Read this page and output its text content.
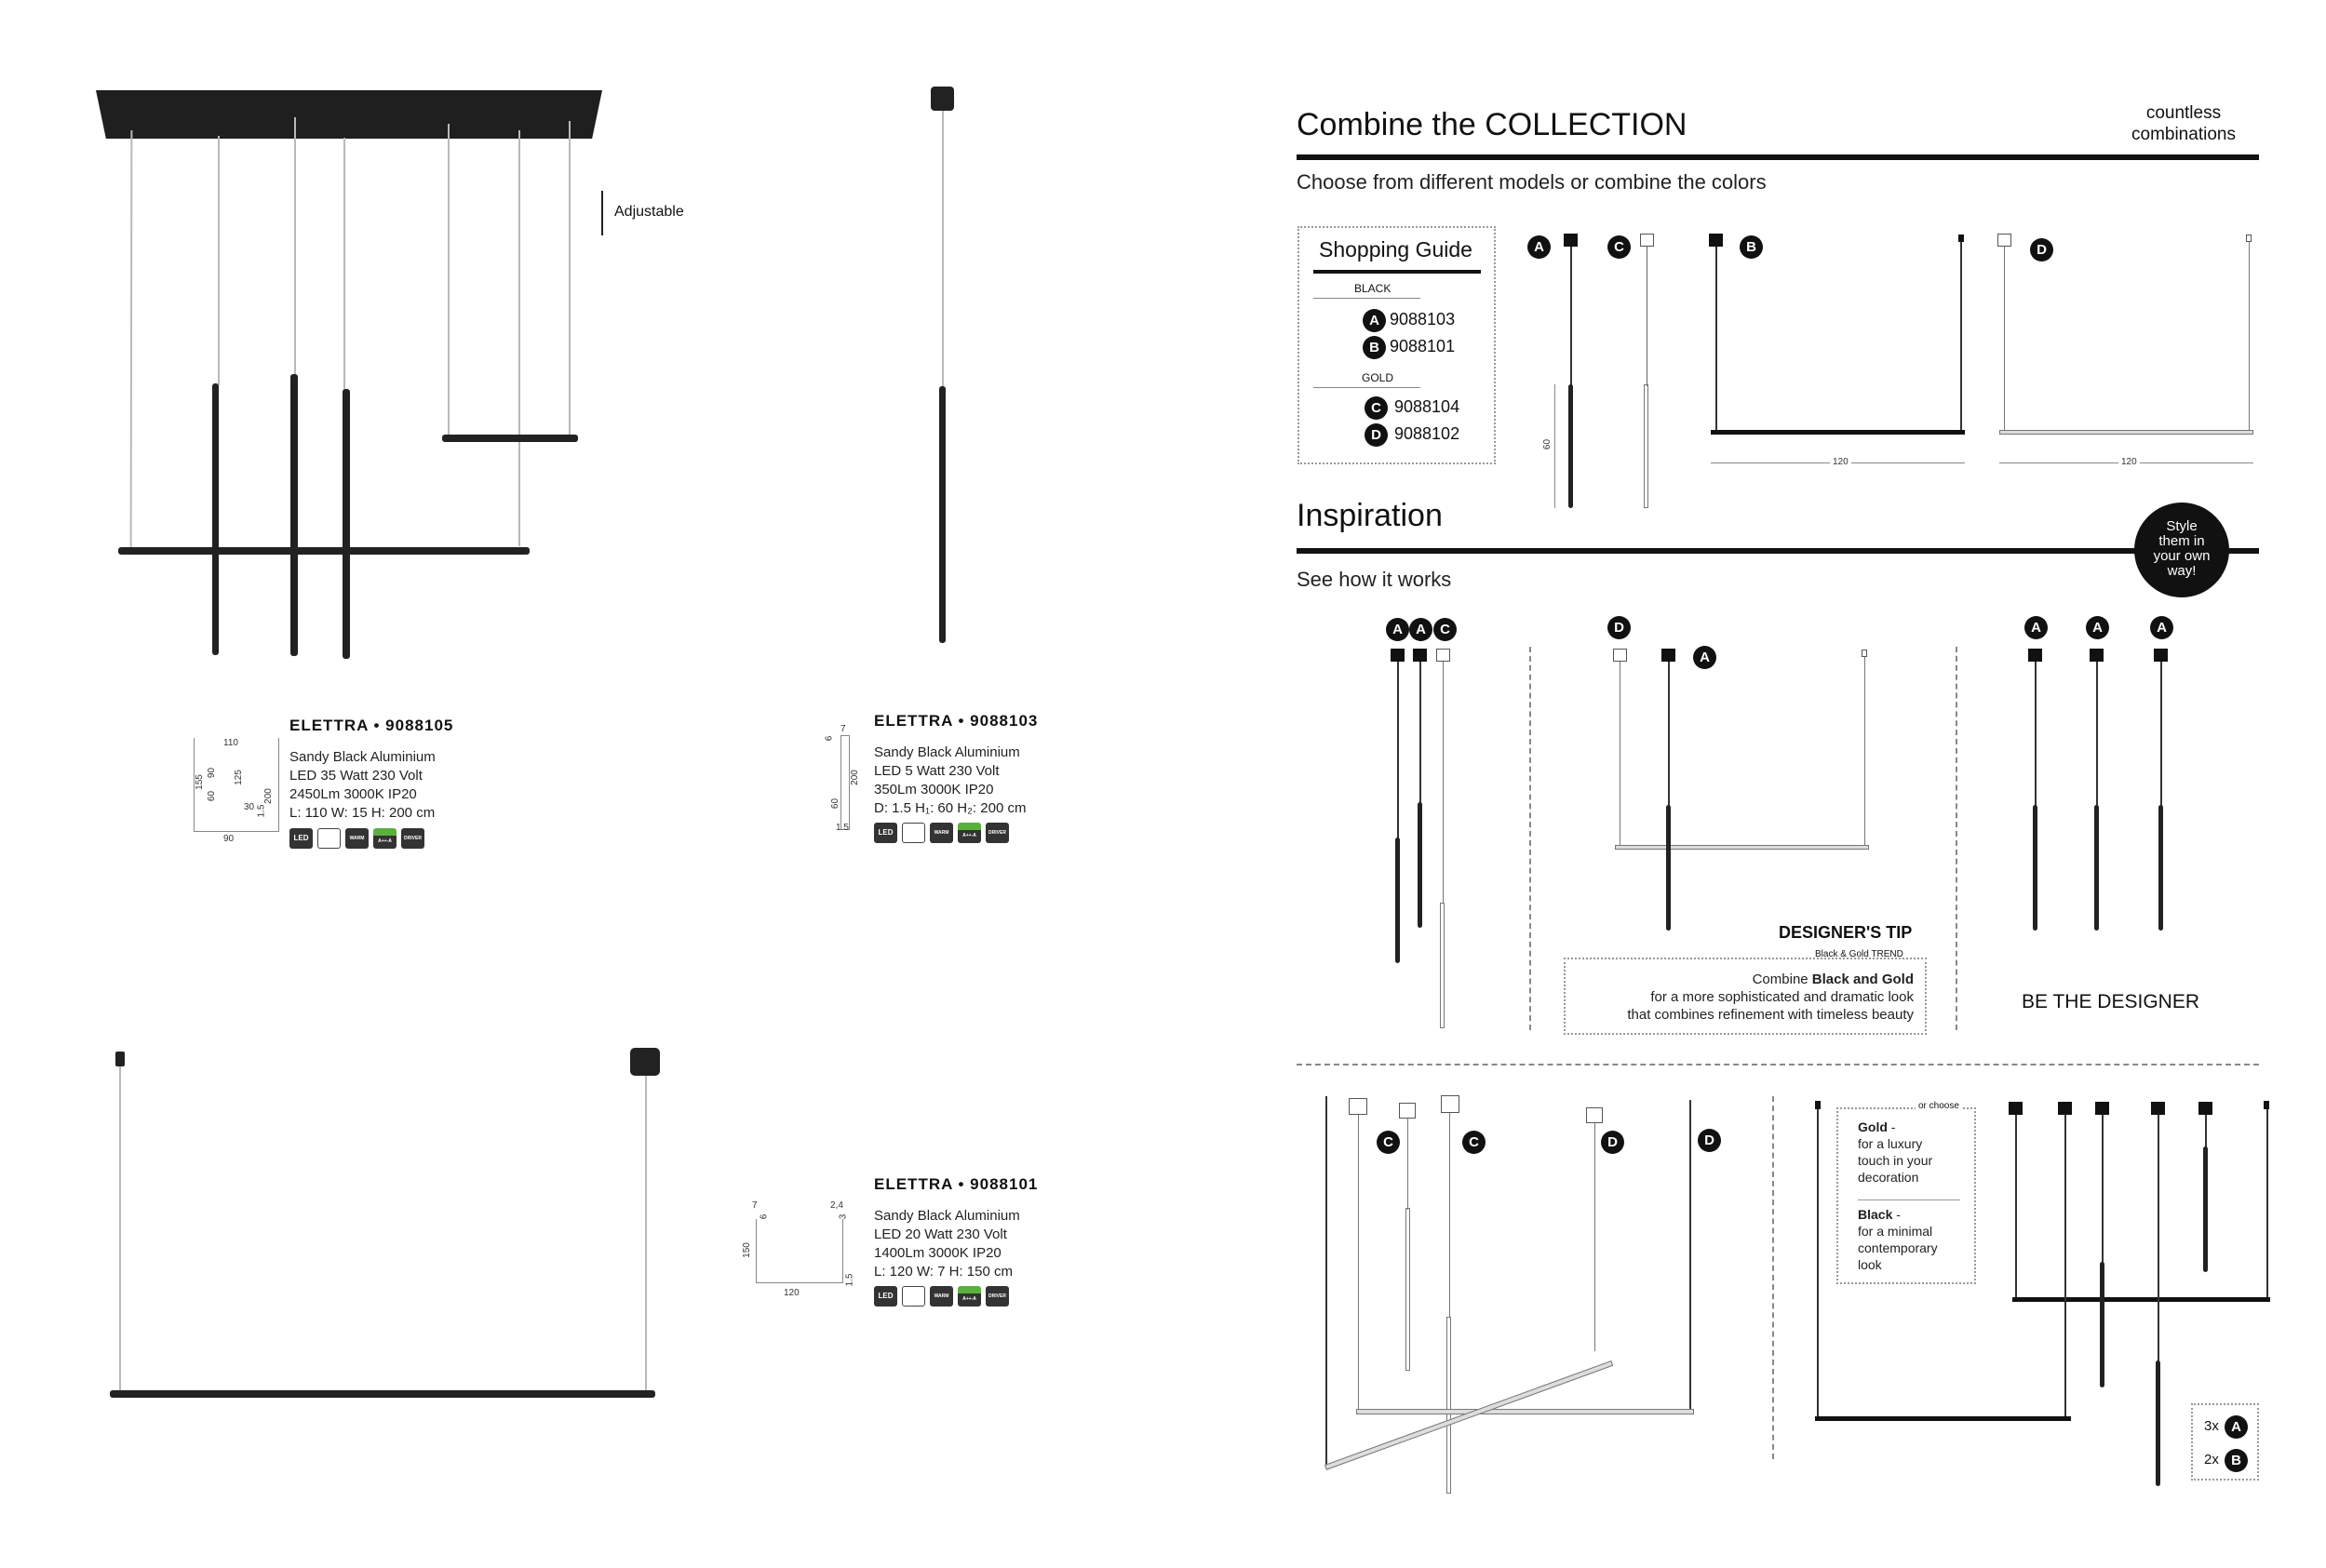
Adjustable
110
90
155
60
90 125
30
200
1.5
ELETTRA • 9088105
Sandy Black Aluminium
LED 35 Watt 230 Volt
2450Lm 3000K IP20
L: 110 W: 15 H: 200 cm
LED	WARM WHITE
A++-A	DRIVER INCL.
7
6
200
60
1.5
ELETTRA • 9088103
Sandy Black Aluminium
LED 5 Watt 230 Volt
350Lm 3000K IP20
D: 1.5 H₁: 60 H₂: 200 cm
LED	WARM WHITE
A++-A	DRIVER INCL.
7
6
2,4
3
150
120
1.5
ELETTRA • 9088101
Sandy Black Aluminium
LED 20 Watt 230 Volt
1400Lm 3000K IP20
L: 120 W: 7 H: 150 cm
LED	WARM WHITE
A++-A	DRIVER INCL.
Combine the COLLECTION	countless
combinations
Choose from different models or combine the colors
Shopping Guide
BLACK
A 9088103
B 9088101
GOLD
C 9088104
D 9088102
A
60
C	B
120
D
120
Inspiration
See how it works
Style
them in
your own
way!
A A	C	D
A
DESIGNER'S TIP
Black & Gold TREND
Combine Black and Gold
for a more sophisticated and dramatic look
that combines refinement with timeless beauty
A	A	A
BE THE DESIGNER
C	C	D	D
or choose
Gold -
for a luxury
touch in your
decoration
Black -
for a minimal
contemporary
look
3x A
2x B
